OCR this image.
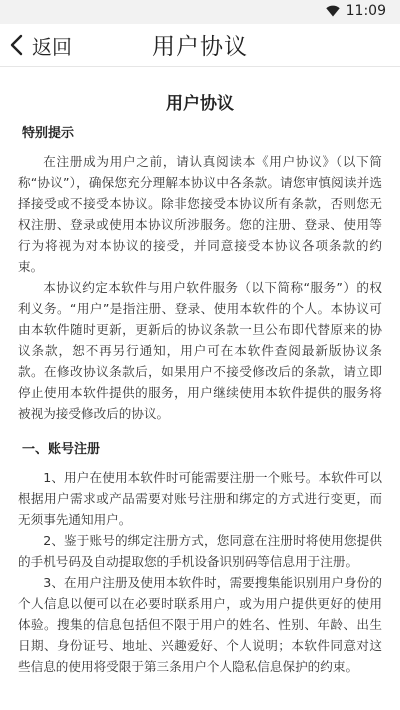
11:09
返回	用户协议
用户协议
特别提示

在注册成为用户之前，请认真阅读本《用户协议》（以下简称“协议”），确保您充分理解本协议中各条款。请您审慎阅读并选择接受或不接受本协议。除非您接受本协议所有条款，否则您无权注册、登录或使用本协议所涉服务。您的注册、登录、使用等行为将视为对本协议的接受，并同意接受本协议各项条款的约束。

本协议约定本软件与用户软件服务（以下简称“服务”）的权利义务。“用户”是指注册、登录、使用本软件的个人。本协议可由本软件随时更新，更新后的协议条款一旦公布即代替原来的协议条款，恕不再另行通知，用户可在本软件查阅最新版协议条款。在修改协议条款后，如果用户不接受修改后的条款，请立即停止使用本软件提供的服务，用户继续使用本软件提供的服务将被视为接受修改后的协议。

一、账号注册

1、用户在使用本软件时可能需要注册一个账号。本软件可以根据用户需求或产品需要对账号注册和绑定的方式进行变更，而无须事先通知用户。

2、鉴于账号的绑定注册方式，您同意在注册时将使用您提供的手机号码及自动提取您的手机设备识别码等信息用于注册。

3、在用户注册及使用本软件时，需要搜集能识别用户身份的个人信息以便可以在必要时联系用户，或为用户提供更好的使用体验。搜集的信息包括但不限于用户的姓名、性别、年龄、出生日期、身份证号、地址、兴趣爱好、个人说明；本软件同意对这些信息的使用将受限于第三条用户个人隐私信息保护的约束。
